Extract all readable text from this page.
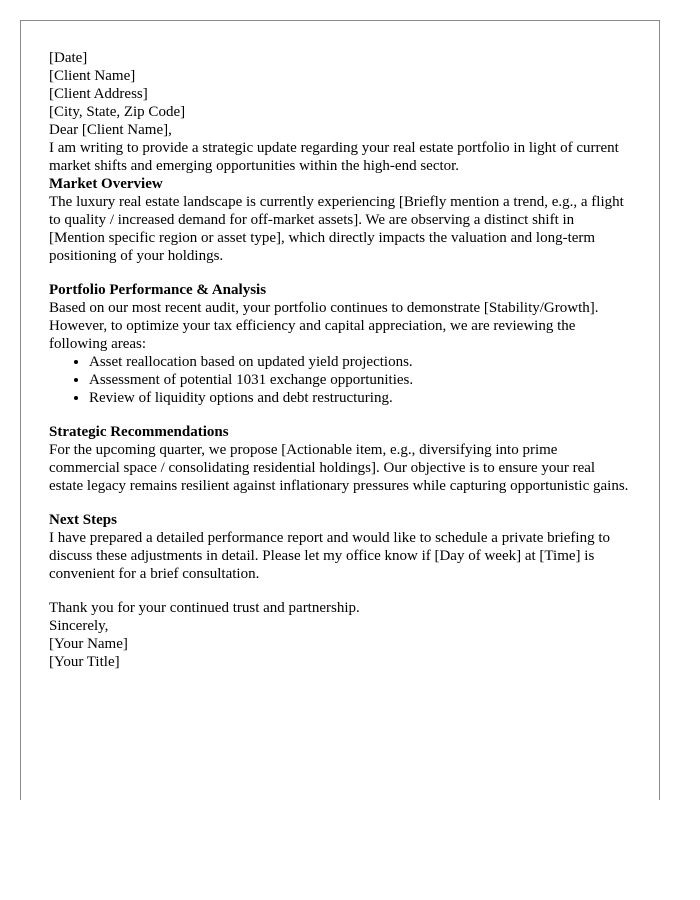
[Date]

[Client Name]
[Client Address]
[City, State, Zip Code]

Dear [Client Name],

I am writing to provide a strategic update regarding your real estate portfolio in light of current market shifts and emerging opportunities within the high-end sector.

Market Overview

The luxury real estate landscape is currently experiencing [Briefly mention a trend, e.g., a flight to quality / increased demand for off-market assets]. We are observing a distinct shift in [Mention specific region or asset type], which directly impacts the valuation and long-term positioning of your holdings.

Portfolio Performance & Analysis

Based on our most recent audit, your portfolio continues to demonstrate [Stability/Growth]. However, to optimize your tax efficiency and capital appreciation, we are reviewing the following areas:

• Asset reallocation based on updated yield projections.
• Assessment of potential 1031 exchange opportunities.
• Review of liquidity options and debt restructuring.
Strategic Recommendations

For the upcoming quarter, we propose [Actionable item, e.g., diversifying into prime commercial space / consolidating residential holdings]. Our objective is to ensure your real estate legacy remains resilient against inflationary pressures while capturing opportunistic gains.

Next Steps

I have prepared a detailed performance report and would like to schedule a private briefing to discuss these adjustments in detail. Please let my office know if [Day of week] at [Time] is convenient for a brief consultation.

Thank you for your continued trust and partnership.

Sincerely,

[Your Name]
[Your Title]
